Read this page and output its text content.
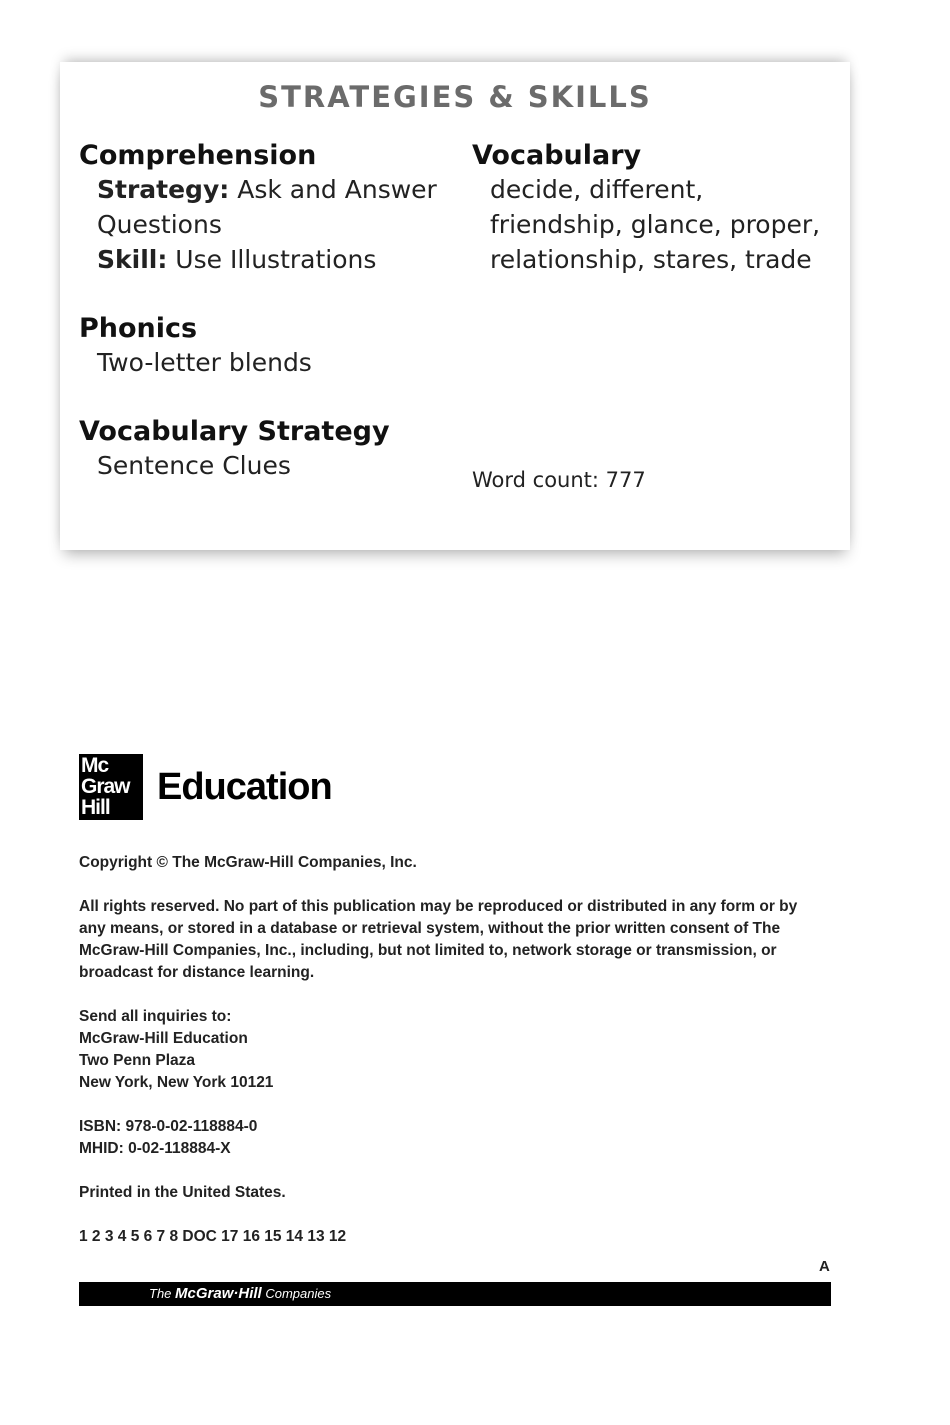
STRATEGIES & SKILLS
Comprehension
Strategy: Ask and Answer
Questions
Skill: Use Illustrations
Phonics
Two-letter blends
Vocabulary Strategy
Sentence Clues
Vocabulary
decide, different,
friendship, glance, proper,
relationship, stares, trade
Word count: 777
Mc
Graw
Hill	Education

Copyright © The McGraw-Hill Companies, Inc.

All rights reserved. No part of this publication may be reproduced or distributed in any form or by
any means, or stored in a database or retrieval system, without the prior written consent of The
McGraw-Hill Companies, Inc., including, but not limited to, network storage or transmission, or
broadcast for distance learning.

Send all inquiries to:
McGraw-Hill Education
Two Penn Plaza
New York, New York 10121

ISBN: 978-0-02-118884-0
MHID: 0-02-118884-X

Printed in the United States.

1 2 3 4 5 6 7 8 DOC 17 16 15 14 13 12

A
The McGraw·Hill Companies
